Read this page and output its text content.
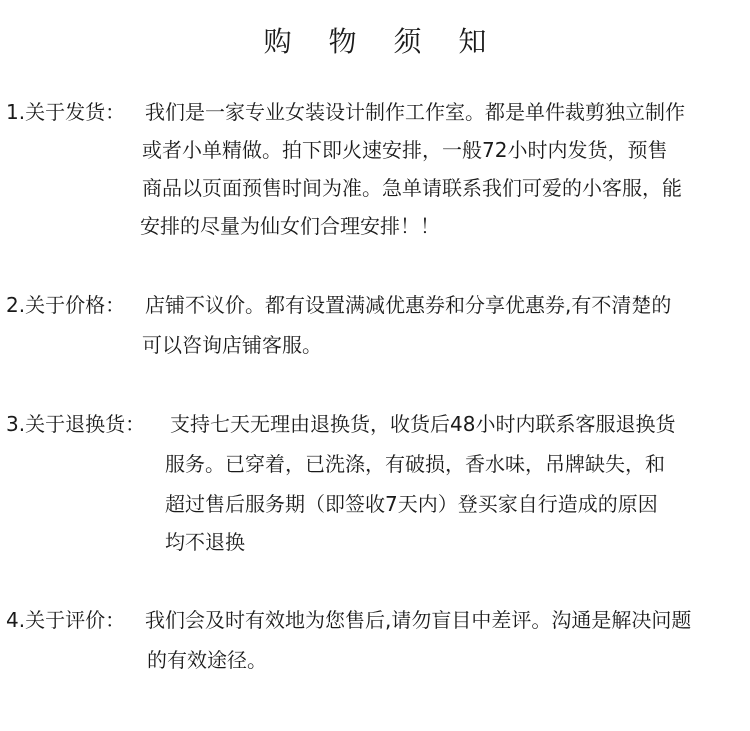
购 物 须 知
1.关于发货： 我们是一家专业女装设计制作工作室。都是单件裁剪独立制作
或者小单精做。拍下即火速安排，一般72小时内发货，预售
商品以页面预售时间为准。急单请联系我们可爱的小客服，能
安排的尽量为仙女们合理安排！！
2.关于价格： 店铺不议价。都有设置满减优惠券和分享优惠券,有不清楚的
可以咨询店铺客服。
3.关于退换货： 支持七天无理由退换货，收货后48小时内联系客服退换货
服务。已穿着，已洗涤，有破损，香水味，吊牌缺失，和
超过售后服务期（即签收7天内）登买家自行造成的原因
均不退换
4.关于评价： 我们会及时有效地为您售后,请勿盲目中差评。沟通是解决问题
的有效途径。
